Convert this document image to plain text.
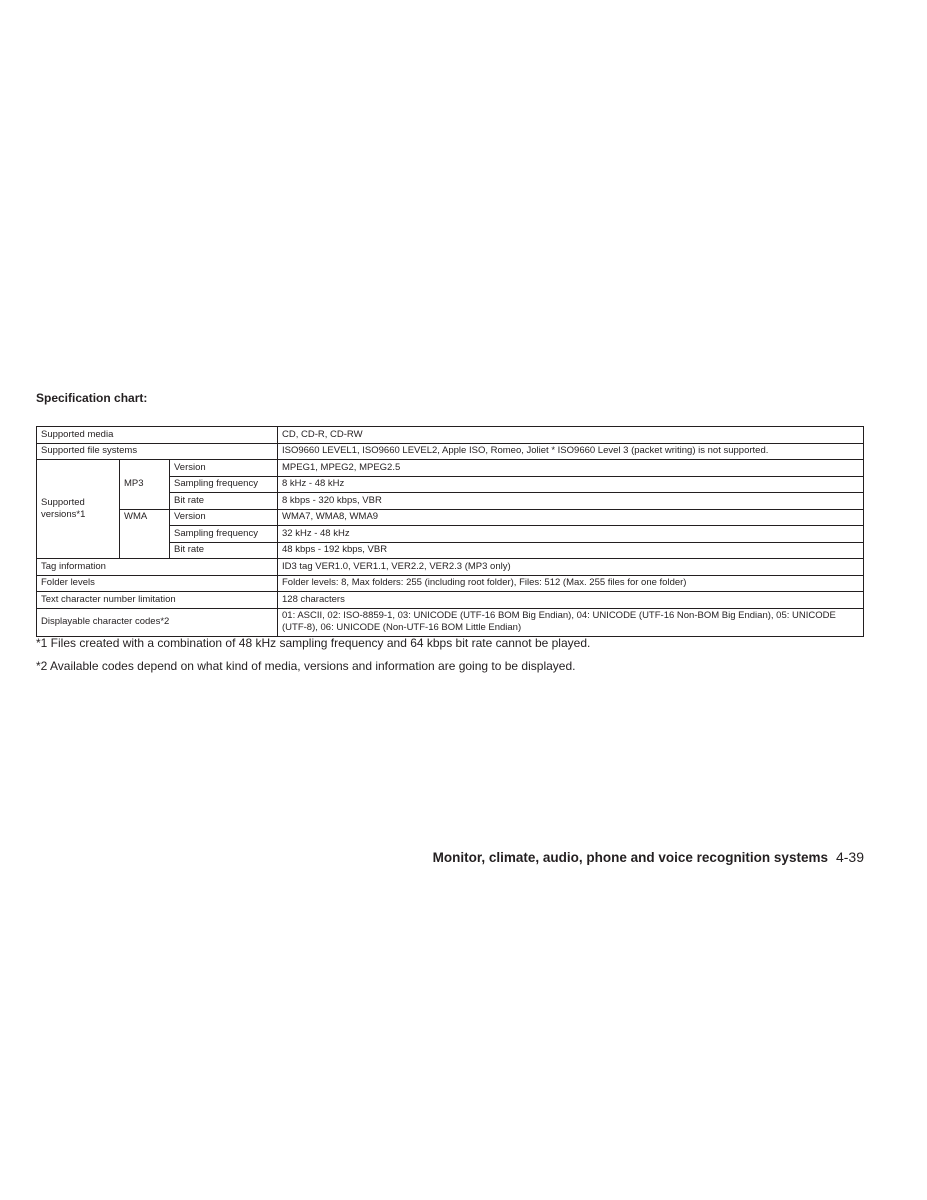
Specification chart:
Supported media			CD, CD-R, CD-RW
Supported file systems			ISO9660 LEVEL1, ISO9660 LEVEL2, Apple ISO, Romeo, Joliet * ISO9660 Level 3 (packet writing) is not supported.
Supported versions*1	MP3	Version	MPEG1, MPEG2, MPEG2.5
		Sampling frequency	8 kHz - 48 kHz
		Bit rate	8 kbps - 320 kbps, VBR
	WMA	Version	WMA7, WMA8, WMA9
		Sampling frequency	32 kHz - 48 kHz
		Bit rate	48 kbps - 192 kbps, VBR
Tag information			ID3 tag VER1.0, VER1.1, VER2.2, VER2.3 (MP3 only)
Folder levels			Folder levels: 8, Max folders: 255 (including root folder), Files: 512 (Max. 255 files for one folder)
Text character number limitation			128 characters
Displayable character codes*2			01: ASCII, 02: ISO-8859-1, 03: UNICODE (UTF-16 BOM Big Endian), 04: UNICODE (UTF-16 Non-BOM Big Endian), 05: UNICODE (UTF-8), 06: UNICODE (Non-UTF-16 BOM Little Endian)
*1 Files created with a combination of 48 kHz sampling frequency and 64 kbps bit rate cannot be played.
*2 Available codes depend on what kind of media, versions and information are going to be displayed.
Monitor, climate, audio, phone and voice recognition systems 4-39
